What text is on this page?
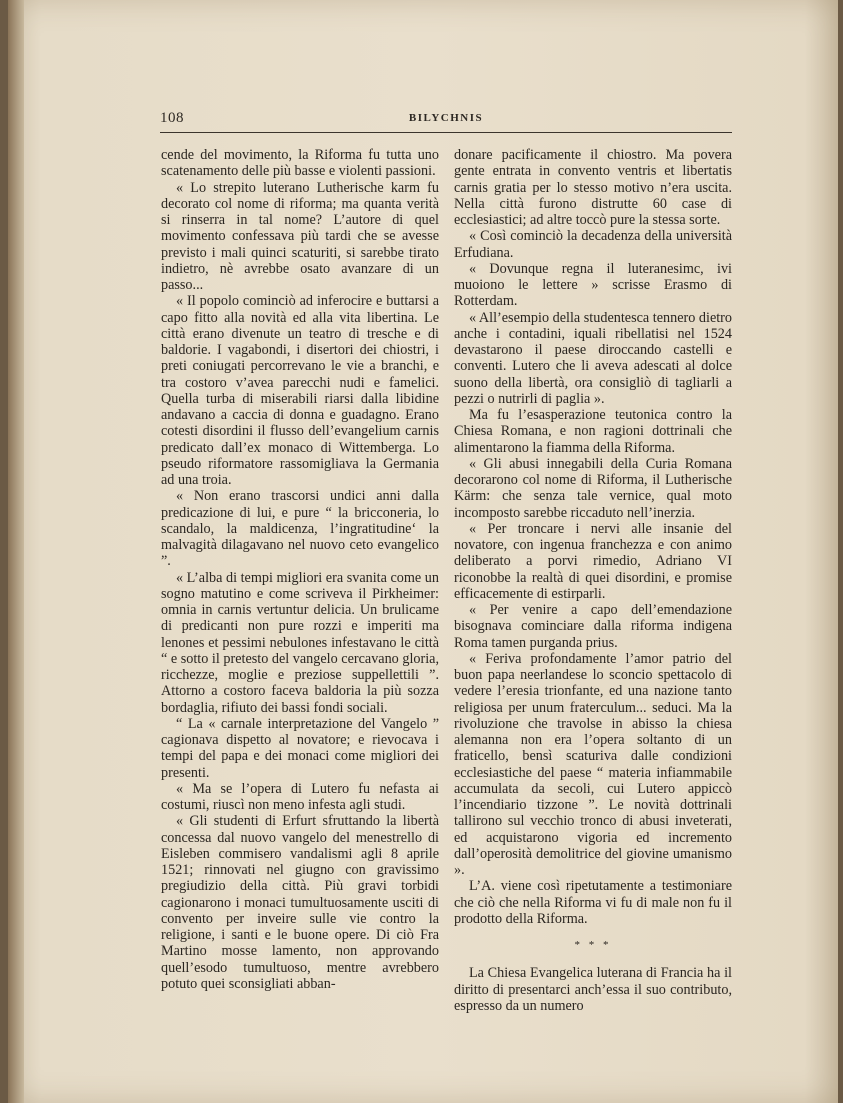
108	BILYCHNIS

cende del movimento, la Riforma fu tutta uno scatenamento delle più basse e violenti passioni.

« Lo strepito luterano Lutherische karm fu decorato col nome di riforma; ma quanta verità si rinserra in tal nome? L’autore di quel movimento confessava più tardi che se avesse previsto i mali quinci scaturiti, si sarebbe tirato indietro, nè avrebbe osato avanzare di un passo...

« Il popolo cominciò ad inferocire e buttarsi a capo fitto alla novità ed alla vita libertina. Le città erano divenute un teatro di tresche e di baldorie. I vagabondi, i disertori dei chiostri, i preti coniugati percorrevano le vie a branchi, e tra costoro v’avea parecchi nudi e famelici. Quella turba di miserabili riarsi dalla libidine andavano a caccia di donna e guadagno. Erano cotesti disordini il flusso dell’evangelium carnis predicato dall’ex monaco di Wittemberga. Lo pseudo riformatore rassomigliava la Germania ad una troia.

« Non erano trascorsi undici anni dalla predicazione di lui, e pure “ la bricconeria, lo scandalo, la maldicenza, l’ingratitudine‘ la malvagità dilagavano nel nuovo ceto evangelico ”.

« L’alba di tempi migliori era svanita come un sogno matutino e come scriveva il Pirkheimer: omnia in carnis vertuntur delicia. Un brulicame di predicanti non pure rozzi e imperiti ma lenones et pessimi nebulones infestavano le città “ e sotto il pretesto del vangelo cercavano gloria, ricchezze, moglie e preziose suppellettili ”. Attorno a costoro faceva baldoria la più sozza bordaglia, rifiuto dei bassi fondi sociali.

“ La « carnale interpretazione del Vangelo ” cagionava dispetto al novatore; e rievocava i tempi del papa e dei monaci come migliori dei presenti.

« Ma se l’opera di Lutero fu nefasta ai costumi, riuscì non meno infesta agli studi.

« Gli studenti di Erfurt sfruttando la libertà concessa dal nuovo vangelo del menestrello di Eisleben commisero vandalismi agli 8 aprile 1521; rinnovati nel giugno con gravissimo pregiudizio della città. Più gravi torbidi cagionarono i monaci tumultuosamente usciti di convento per inveire sulle vie contro la religione, i santi e le buone opere. Di ciò Fra Martino mosse lamento, non approvando quell’esodo tumultuoso, mentre avrebbero potuto quei sconsigliati abban-

donare pacificamente il chiostro. Ma povera gente entrata in convento ventris et libertatis carnis gratia per lo stesso motivo n’era uscita. Nella città furono distrutte 60 case di ecclesiastici; ad altre toccò pure la stessa sorte.

« Così cominciò la decadenza della università Erfudiana.

« Dovunque regna il luteranesimc, ivi muoiono le lettere » scrisse Erasmo di Rotterdam.

« All’esempio della studentesca tennero dietro anche i contadini, iquali ribellatisi nel 1524 devastarono il paese diroccando castelli e conventi. Lutero che li aveva adescati al dolce suono della libertà, ora consigliò di tagliarli a pezzi o nutrirli di paglia ».

Ma fu l’esasperazione teutonica contro la Chiesa Romana, e non ragioni dottrinali che alimentarono la fiamma della Riforma.

« Gli abusi innegabili della Curia Romana decorarono col nome di Riforma, il Lutherische Kärm: che senza tale vernice, qual moto incomposto sarebbe riccaduto nell’inerzia.

« Per troncare i nervi alle insanie del novatore, con ingenua franchezza e con animo deliberato a porvi rimedio, Adriano VI riconobbe la realtà di quei disordini, e promise efficacemente di estirparli.

« Per venire a capo dell’emendazione bisognava cominciare dalla riforma indigena Roma tamen purganda prius.

« Feriva profondamente l’amor patrio del buon papa neerlandese lo sconcio spettacolo di vedere l’eresia trionfante, ed una nazione tanto religiosa per unum fraterculum... seduci. Ma la rivoluzione che travolse in abisso la chiesa alemanna non era l’opera soltanto di un fraticello, bensì scaturiva dalle condizioni ecclesiastiche del paese “ materia infiammabile accumulata da secoli, cui Lutero appiccò l’incendiario tizzone ”. Le novità dottrinali tallirono sul vecchio tronco di abusi inveterati, ed acquistarono vigoria ed incremento dall’operosità demolitrice del giovine umanismo ».

L’A. viene così ripetutamente a testimoniare che ciò che nella Riforma vi fu di male non fu il prodotto della Riforma.

* * *

La Chiesa Evangelica luterana di Francia ha il diritto di presentarci anch’essa il suo contributo, espresso da un numero
